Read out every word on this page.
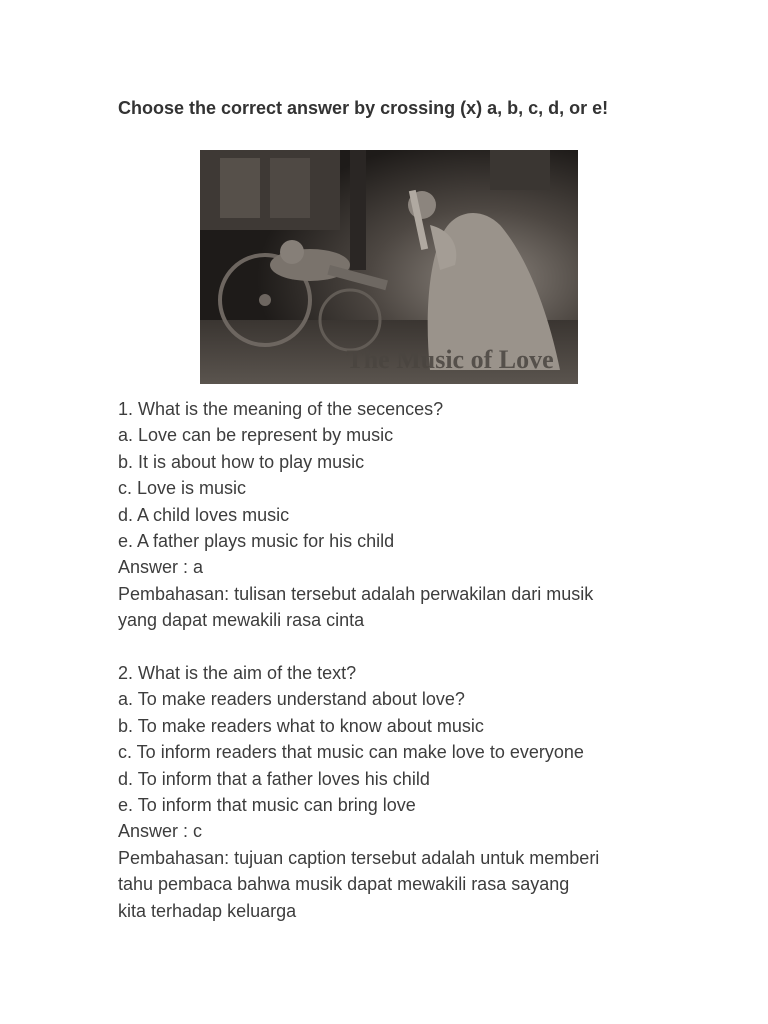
Choose the correct answer by crossing (x) a, b, c, d, or e!

The Music of Love
1. What is the meaning of the secences?
a. Love can be represent by music
b. It is about how to play music
c. Love is music
d. A child loves music
e. A father plays music for his child
Answer : a
Pembahasan: tulisan tersebut adalah perwakilan dari musik
yang dapat mewakili rasa cinta
2. What is the aim of the text?
a. To make readers understand about love?
b. To make readers what to know about music
c. To inform readers that music can make love to everyone
d. To inform that a father loves his child
e. To inform that music can bring love
Answer : c
Pembahasan: tujuan caption tersebut adalah untuk memberi
tahu pembaca bahwa musik dapat mewakili rasa sayang
kita terhadap keluarga
